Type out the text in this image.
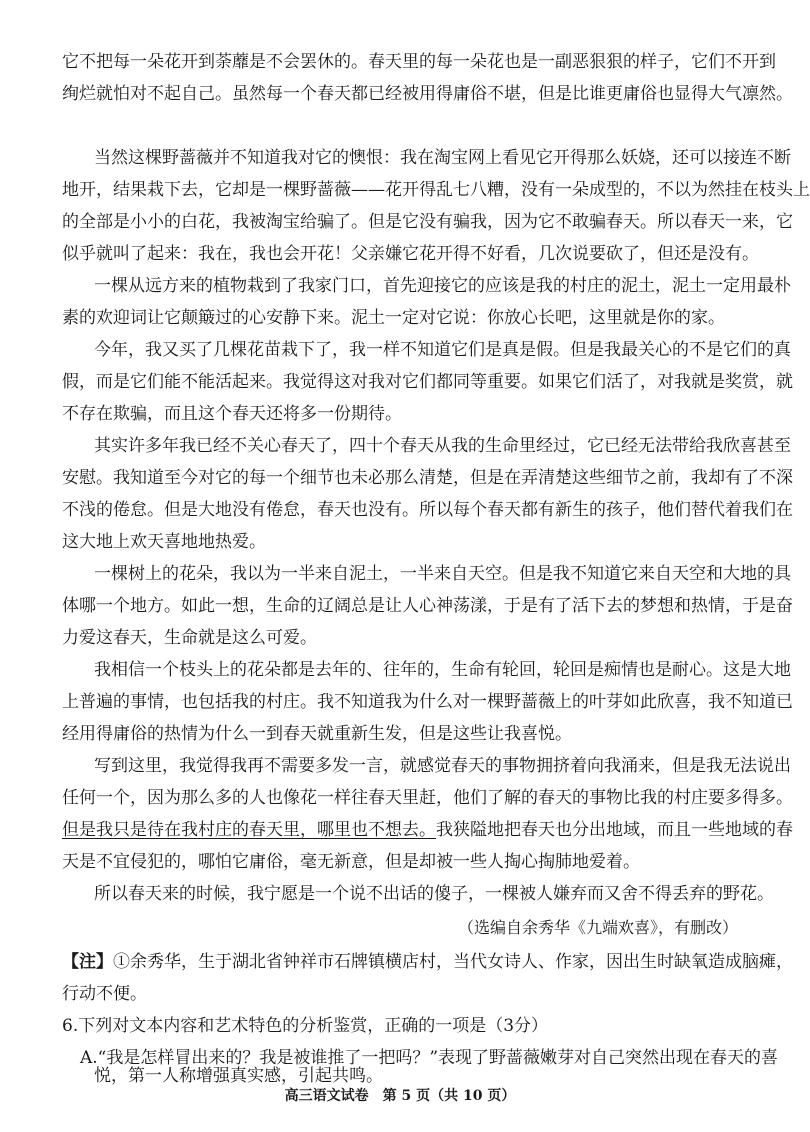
它不把每一朵花开到荼蘼是不会罢休的。春天里的每一朵花也是一副恶狠狠的样子，它们不开到
绚烂就怕对不起自己。虽然每一个春天都已经被用得庸俗不堪，但是比谁更庸俗也显得大气凛然。
当然这棵野蔷薇并不知道我对它的懊恨：我在淘宝网上看见它开得那么妖娆，还可以接连不断
地开，结果栽下去，它却是一棵野蔷薇——花开得乱七八糟，没有一朵成型的，不以为然挂在枝头上
的全部是小小的白花，我被淘宝给骗了。但是它没有骗我，因为它不敢骗春天。所以春天一来，它
似乎就叫了起来：我在，我也会开花！父亲嫌它花开得不好看，几次说要砍了，但还是没有。
一棵从远方来的植物栽到了我家门口，首先迎接它的应该是我的村庄的泥土，泥土一定用最朴
素的欢迎词让它颠簸过的心安静下来。泥土一定对它说：你放心长吧，这里就是你的家。
今年，我又买了几棵花苗栽下了，我一样不知道它们是真是假。但是我最关心的不是它们的真
假，而是它们能不能活起来。我觉得这对我对它们都同等重要。如果它们活了，对我就是奖赏，就
不存在欺骗，而且这个春天还将多一份期待。
其实许多年我已经不关心春天了，四十个春天从我的生命里经过，它已经无法带给我欣喜甚至
安慰。我知道至今对它的每一个细节也未必那么清楚，但是在弄清楚这些细节之前，我却有了不深
不浅的倦怠。但是大地没有倦怠，春天也没有。所以每个春天都有新生的孩子，他们替代着我们在
这大地上欢天喜地地热爱。
一棵树上的花朵，我以为一半来自泥土，一半来自天空。但是我不知道它来自天空和大地的具
体哪一个地方。如此一想，生命的辽阔总是让人心神荡漾，于是有了活下去的梦想和热情，于是奋
力爱这春天，生命就是这么可爱。
我相信一个枝头上的花朵都是去年的、往年的，生命有轮回，轮回是痴情也是耐心。这是大地
上普遍的事情，也包括我的村庄。我不知道我为什么对一棵野蔷薇上的叶芽如此欣喜，我不知道已
经用得庸俗的热情为什么一到春天就重新生发，但是这些让我喜悦。
写到这里，我觉得我再不需要多发一言，就感觉春天的事物拥挤着向我涌来，但是我无法说出
任何一个，因为那么多的人也像花一样往春天里赶，他们了解的春天的事物比我的村庄要多得多。
但是我只是待在我村庄的春天里，哪里也不想去。我狭隘地把春天也分出地域，而且一些地域的春
天是不宜侵犯的，哪怕它庸俗，毫无新意，但是却被一些人掏心掏肺地爱着。
所以春天来的时候，我宁愿是一个说不出话的傻子，一棵被人嫌弃而又舍不得丢弃的野花。
（选编自余秀华《九端欢喜》，有删改）
【注】①余秀华，生于湖北省钟祥市石牌镇横店村，当代女诗人、作家，因出生时缺氧造成脑瘫，
行动不便。
6.下列对文本内容和艺术特色的分析鉴赏，正确的一项是（3分）
A.“我是怎样冒出来的？我是被谁推了一把吗？”表现了野蔷薇嫩芽对自己突然出现在春天的喜
悦，第一人称增强真实感，引起共鸣。
高三语文试卷　第 5 页（共 10 页）
